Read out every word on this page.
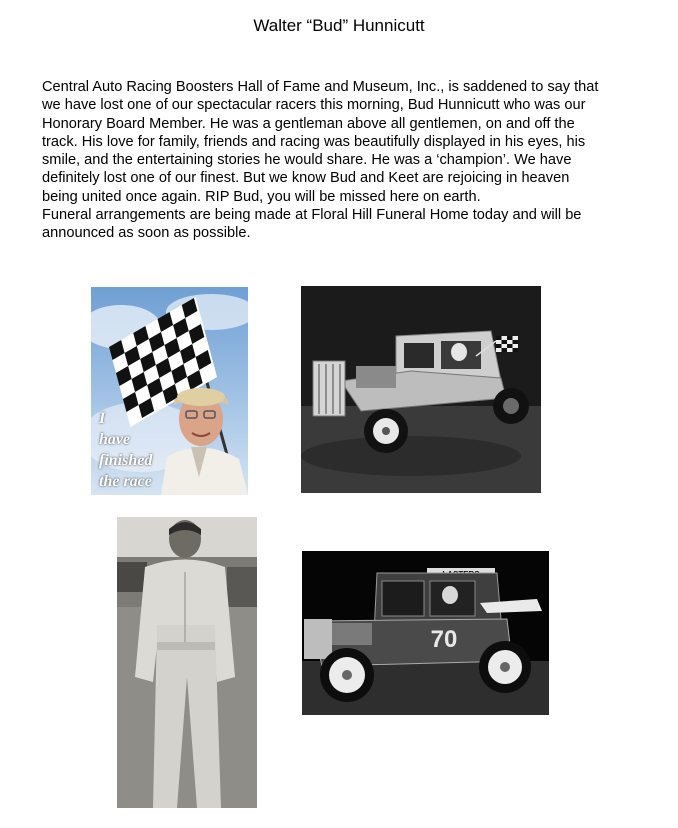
Walter “Bud” Hunnicutt
Central Auto Racing Boosters Hall of Fame and Museum, Inc., is saddened to say that
we have lost one of our spectacular racers this morning, Bud Hunnicutt who was our
Honorary Board Member. He was a gentleman above all gentlemen, on and off the
track. His love for family, friends and racing was beautifully displayed in his eyes, his
smile, and the entertaining stories he would share. He was a ‘champion’. We have
definitely lost one of our finest. But we know Bud and Keet are rejoicing in heaven
being united once again. RIP Bud, you will be missed here on earth.
Funeral arrangements are being made at Floral Hill Funeral Home today and will be
announced as soon as possible.
I
have
finished
the race
70
